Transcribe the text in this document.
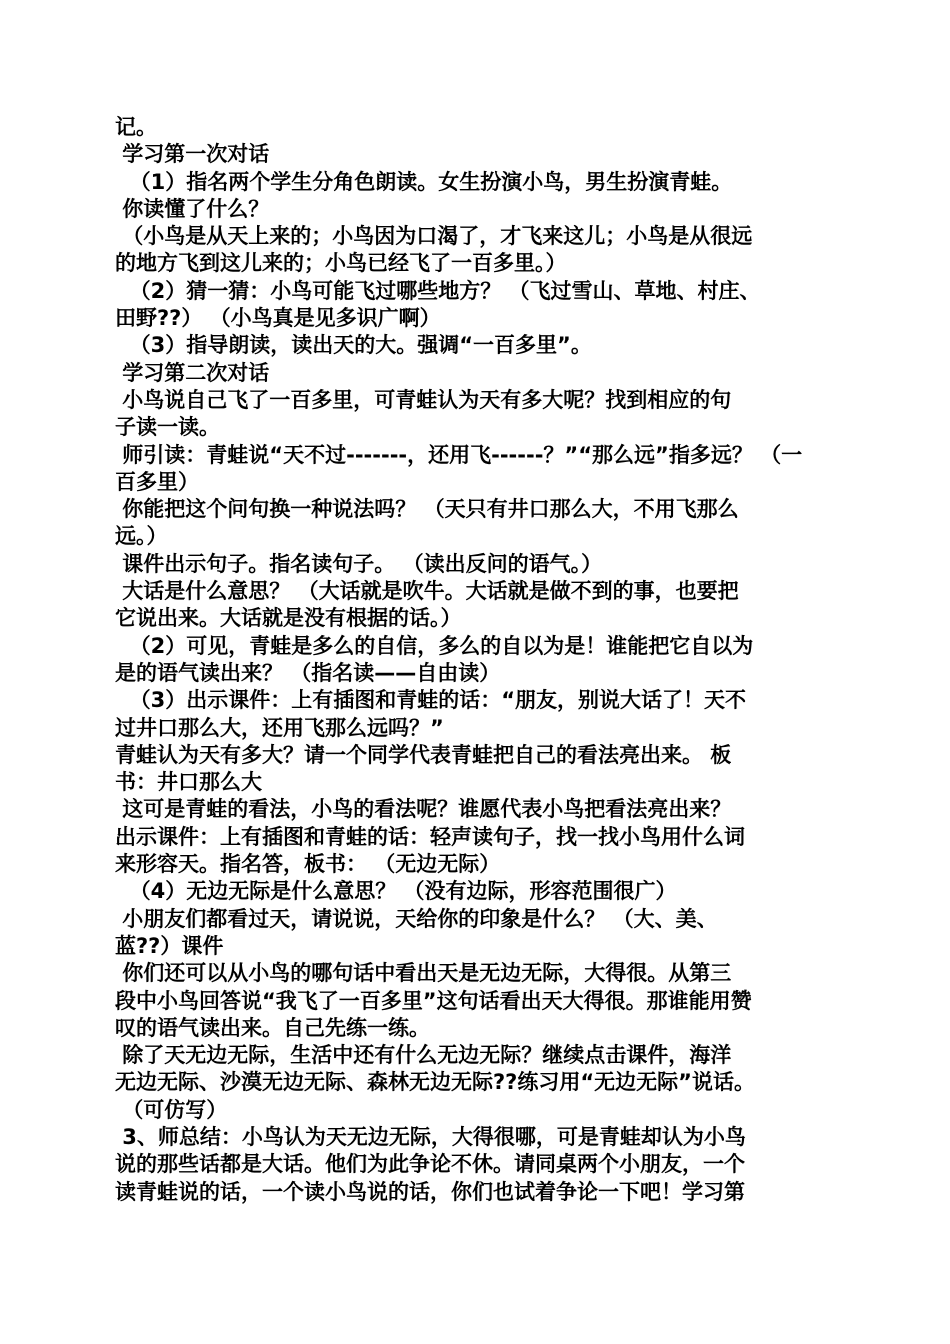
记。
学习第一次对话
（1）指名两个学生分角色朗读。女生扮演小鸟，男生扮演青蛙。
你读懂了什么？
（小鸟是从天上来的；小鸟因为口渴了，才飞来这儿；小鸟是从很远
的地方飞到这儿来的；小鸟已经飞了一百多里。）
（2）猜一猜：小鸟可能飞过哪些地方？ （飞过雪山、草地、村庄、
田野??） （小鸟真是见多识广啊）
（3）指导朗读，读出天的大。强调“一百多里”。
学习第二次对话
小鸟说自己飞了一百多里，可青蛙认为天有多大呢？找到相应的句
子读一读。
师引读：青蛙说“天不过-------，还用飞------？”“那么远”指多远？ （一
百多里）
你能把这个问句换一种说法吗？ （天只有井口那么大，不用飞那么
远。）
课件出示句子。指名读句子。 （读出反问的语气。）
大话是什么意思？ （大话就是吹牛。大话就是做不到的事，也要把
它说出来。大话就是没有根据的话。）
（2）可见，青蛙是多么的自信，多么的自以为是！谁能把它自以为
是的语气读出来？ （指名读——自由读）
（3）出示课件：上有插图和青蛙的话：“朋友，别说大话了！天不
过井口那么大，还用飞那么远吗？”
青蛙认为天有多大？请一个同学代表青蛙把自己的看法亮出来。 板
书：井口那么大
这可是青蛙的看法，小鸟的看法呢？谁愿代表小鸟把看法亮出来？
出示课件：上有插图和青蛙的话：轻声读句子，找一找小鸟用什么词
来形容天。指名答，板书： （无边无际）
（4）无边无际是什么意思？ （没有边际，形容范围很广）
小朋友们都看过天，请说说，天给你的印象是什么？ （大、美、
蓝??）课件
你们还可以从小鸟的哪句话中看出天是无边无际，大得很。从第三
段中小鸟回答说“我飞了一百多里”这句话看出天大得很。那谁能用赞
叹的语气读出来。自己先练一练。
除了天无边无际，生活中还有什么无边无际？继续点击课件，海洋
无边无际、沙漠无边无际、森林无边无际??练习用“无边无际”说话。
（可仿写）
3、师总结：小鸟认为天无边无际，大得很哪，可是青蛙却认为小鸟
说的那些话都是大话。他们为此争论不休。请同桌两个小朋友，一个
读青蛙说的话，一个读小鸟说的话，你们也试着争论一下吧！学习第
